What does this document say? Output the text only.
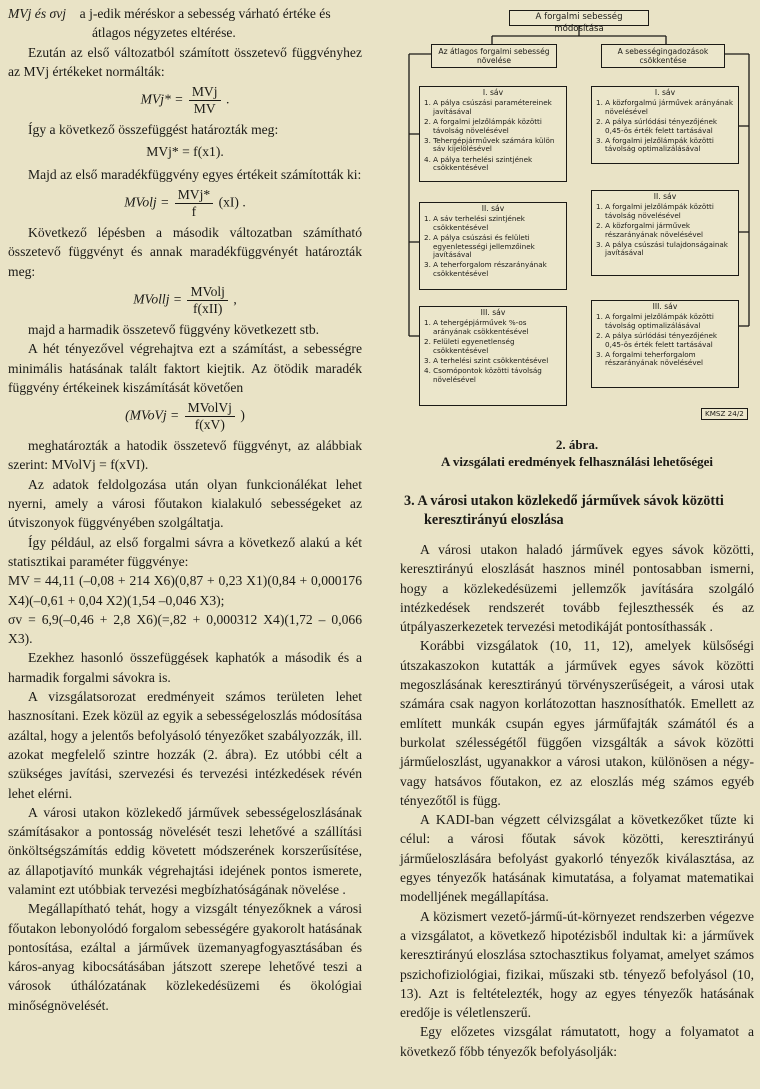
MVj és σvj a j-edik méréskor a sebesség várható értéke és átlagos négyzetes eltérése.

Ezután az első változatból számított összetevő függvényhez az MVj értékeket normálták:

$MVj* = \frac{\text{MVj}}{MV}$ .

Így a következő összefüggést határozták meg:

MVj* = f(x1).

Majd az első maradékfüggvény egyes értékeit számították ki:

MVolj = $\frac{\text{MVj*}}{f} (xI)$ .

Következő lépésben a második változatban számítható összetevő függvényt és annak maradékfüggvényét határozták meg:

MVollj = $\frac{\text{MVolj}}{\text{f(xII)}}$ ,

majd a harmadik összetevő függvény következett stb.

A hét tényezővel végrehajtva ezt a számítást, a sebességre minimális hatásának talált faktort kiejtik. Az ötödik maradék függvény értékeinek kiszámítását követően

(MVoVj = $\frac{\text{MVolVj}}{f(xV)}$ )

meghatározták a hatodik összetevő függvényt, az alábbiak szerint: MVolVj = f(xVI).

Az adatok feldolgozása után olyan funkcionálékat lehet nyerni, amely a városi főutakon kialakuló sebességeket az útviszonyok függvényében szolgáltatja.

Így például, az első forgalmi sávra a következő alakú a két statisztikai paraméter függvénye:

MV = 44,11 (–0,08 + 214 X6)(0,87 + 0,23 X1)(0,84 + 0,000176 X4)(–0,61 + 0,04 X2)(1,54 –0,046 X3);

σv = 6,9(–0,46 + 2,8 X6)(=,82 + 0,000312 X4)(1,72 – 0,066 X3).

Ezekhez hasonló összefüggések kaphatók a második és a harmadik forgalmi sávokra is.

A vizsgálatsorozat eredményeit számos területen lehet hasznosítani. Ezek közül az egyik a sebességeloszlás módosítása azáltal, hogy a jelentős befolyásoló tényezőket szabályozzák, ill. azokat megfelelő szintre hozzák (2. ábra). Ez utóbbi célt a szükséges javítási, szervezési és tervezési intézkedések révén lehet elérni.

A városi utakon közlekedő járművek sebességeloszlásának számításakor a pontosság növelését teszi lehetővé a szállítási önköltségszámítás eddig követett módszerének korszerűsítése, az állapotjavító munkák végrehajtási idejének pontos ismerete, valamint ezt utóbbiak tervezési megbízhatóságának növelése .

Megállapítható tehát, hogy a vizsgált tényezőknek a városi főutakon lebonyolódó forgalom sebességére gyakorolt hatásának pontosítása, ezáltal a járművek üzemanyagfogyasztásában és káros-anyag kibocsátásában játszott szerepe lehetővé teszi a városok úthálózatának közlekedésüzemi és ökológiai minőségnövelését.

A forgalmi sebesség módosítása
Az átlagos forgalmi sebesség növelése
A sebességingadozások csökkentése
I. sáv
1. A pálya csúszási paramétereinek javításával
2. A forgalmi jelzőlámpák közötti távolság növelésével
3. Tehergépjárművek számára külön sáv kijelölésével
4. A pálya terhelési szintjének csökkentésével
II. sáv
1. A sáv terhelési szintjének csökkentésével
2. A pálya csúszási és felületi egyenletességi jellemzőinek javításával
3. A teherforgalom részarányának csökkentésével
III. sáv
1. A tehergépjárművek %-os arányának csökkentésével
2. Felületi egyenetlenség csökkentésével
3. A terhelési szint csökkentésével
4. Csomópontok közötti távolság növelésével
I. sáv
1. A közforgalmú járművek arányának növelésével
2. A pálya súrlódási tényezőjének 0,45-ös érték felett tartásával
3. A forgalmi jelzőlámpák közötti távolság optimalizálásával
II. sáv
1. A forgalmi jelzőlámpák közötti távolság növelésével
2. A közforgalmi járművek részarányának növelésével
3. A pálya csúszási tulajdonságainak javításával
III. sáv
1. A forgalmi jelzőlámpák közötti távolság optimalizálásával
2. A pálya súrlódási tényezőjének 0,45-ös érték felett tartásával
3. A forgalmi teherforgalom részarányának növelésével
KMSZ 24/2
2. ábra.
A vizsgálati eredmények felhasználási lehetőségei
3. A városi utakon közlekedő járművek sávok közötti keresztirányú eloszlása

A városi utakon haladó járművek egyes sávok közötti, keresztirányú eloszlását hasznos minél pontosabban ismerni, hogy a közlekedésüzemi jellemzők javítására szolgáló intézkedések rendszerét tovább fejleszthessék és az útpályaszerkezetek tervezési metodikáját pontosíthassák .

Korábbi vizsgálatok (10, 11, 12), amelyek külsőségi útszakaszokon kutatták a járművek egyes sávok közötti megoszlásának keresztirányú törvényszerűségeit, a városi utak számára csak nagyon korlátozottan hasznosíthatók. Emellett az említett munkák csupán egyes járműfajták számától és a burkolat szélességétől függően vizsgálták a sávok közötti járműeloszlást, ugyanakkor a városi utakon, különösen a négy- vagy hatsávos főutakon, ez az eloszlás még számos egyéb tényezőtől is függ.

A KADI-ban végzett célvizsgálat a következőket tűzte ki célul: a városi főutak sávok közötti, keresztirányú járműeloszlására befolyást gyakorló tényezők kiválasztása, az egyes tényezők hatásának kimutatása, a folyamat matematikai modelljének megállapítása.

A közismert vezető-jármű-út-környezet rendszerben végezve a vizsgálatot, a következő hipotézisből indultak ki: a járművek keresztirányú eloszlása sztochasztikus folyamat, amelyet számos pszichofiziológiai, fizikai, műszaki stb. tényező befolyásol (10, 13). Azt is feltételezték, hogy az egyes tényezők hatásának eredője is véletlenszerű.

Egy előzetes vizsgálat rámutatott, hogy a folyamatot a következő főbb tényezők befolyásolják:
